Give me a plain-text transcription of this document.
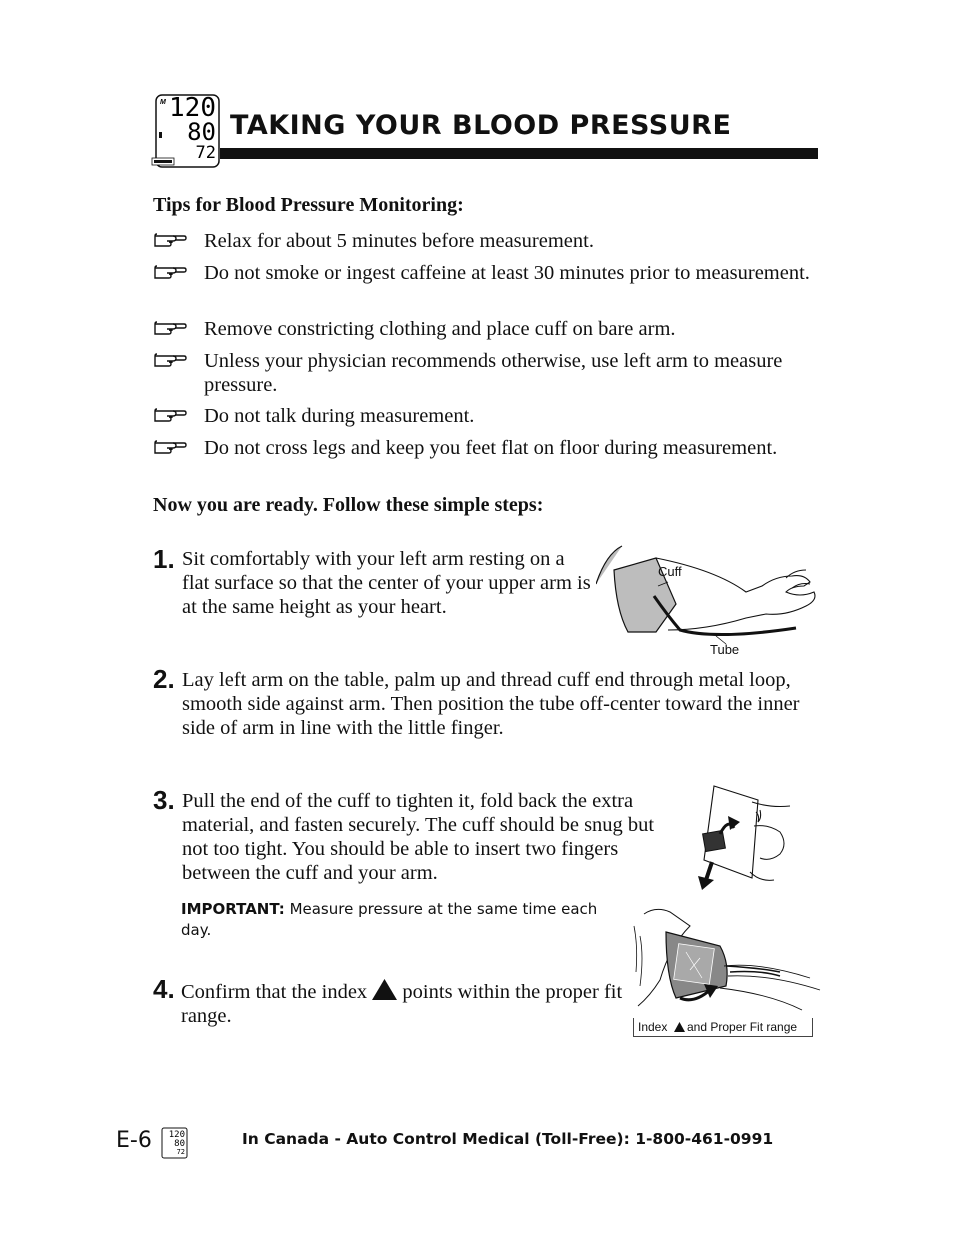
M 120
80
72
TAKING YOUR BLOOD PRESSURE
Tips for Blood Pressure Monitoring:
Relax for about 5 minutes before measurement.
Do not smoke or ingest caffeine at least 30 minutes prior to measurement.
Remove constricting clothing and place cuff on bare arm.
Unless your physician recommends otherwise, use left arm to measure pressure.
Do not talk during measurement.
Do not cross legs and keep you feet flat on floor during measurement.
Now you are ready. Follow these simple steps:
1. Sit comfortably with your left arm resting on a flat surface so that the center of your upper arm is at the same height as your heart.
Cuff
Tube
2. Lay left arm on the table, palm up and thread cuff end through metal loop, smooth side against arm. Then position the tube off-center toward the inner side of arm in line with the little finger.
3. Pull the end of the cuff to tighten it, fold back the extra material, and fasten securely. The cuff should be snug but not too tight. You should be able to insert two fingers between the cuff and your arm.
IMPORTANT: Measure pressure at the same time each day.
Index and Proper Fit range
4. Confirm that the index points within the proper fit range.
E-6 120
80
72
In Canada - Auto Control Medical (Toll-Free): 1-800-461-0991
